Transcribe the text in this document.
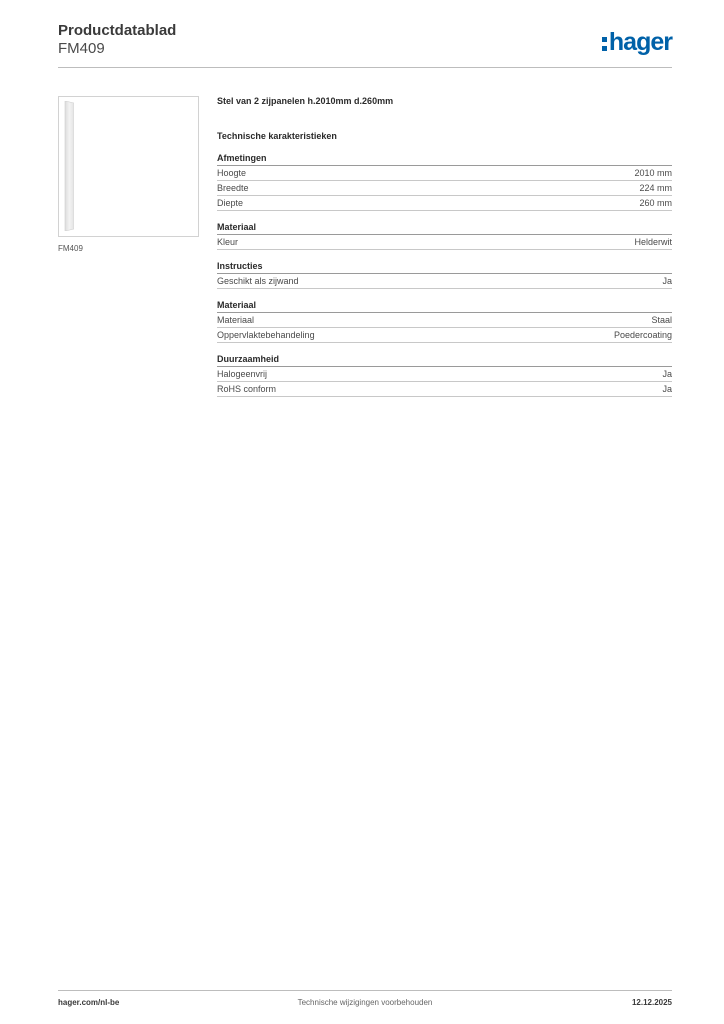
Productdatablad
FM409	hager
FM409
Stel van 2 zijpanelen h.2010mm d.260mm
Technische karakteristieken
Afmetingen
Hoogte	2010 mm
Breedte	224 mm
Diepte	260 mm
Materiaal
Kleur	Helderwit
Instructies
Geschikt als zijwand	Ja
Materiaal
Materiaal	Staal
Oppervlaktebehandeling	Poedercoating
Duurzaamheid
Halogeenvrij	Ja
RoHS conform	Ja
hager.com/nl-be	Technische wijzigingen voorbehouden	12.12.2025
